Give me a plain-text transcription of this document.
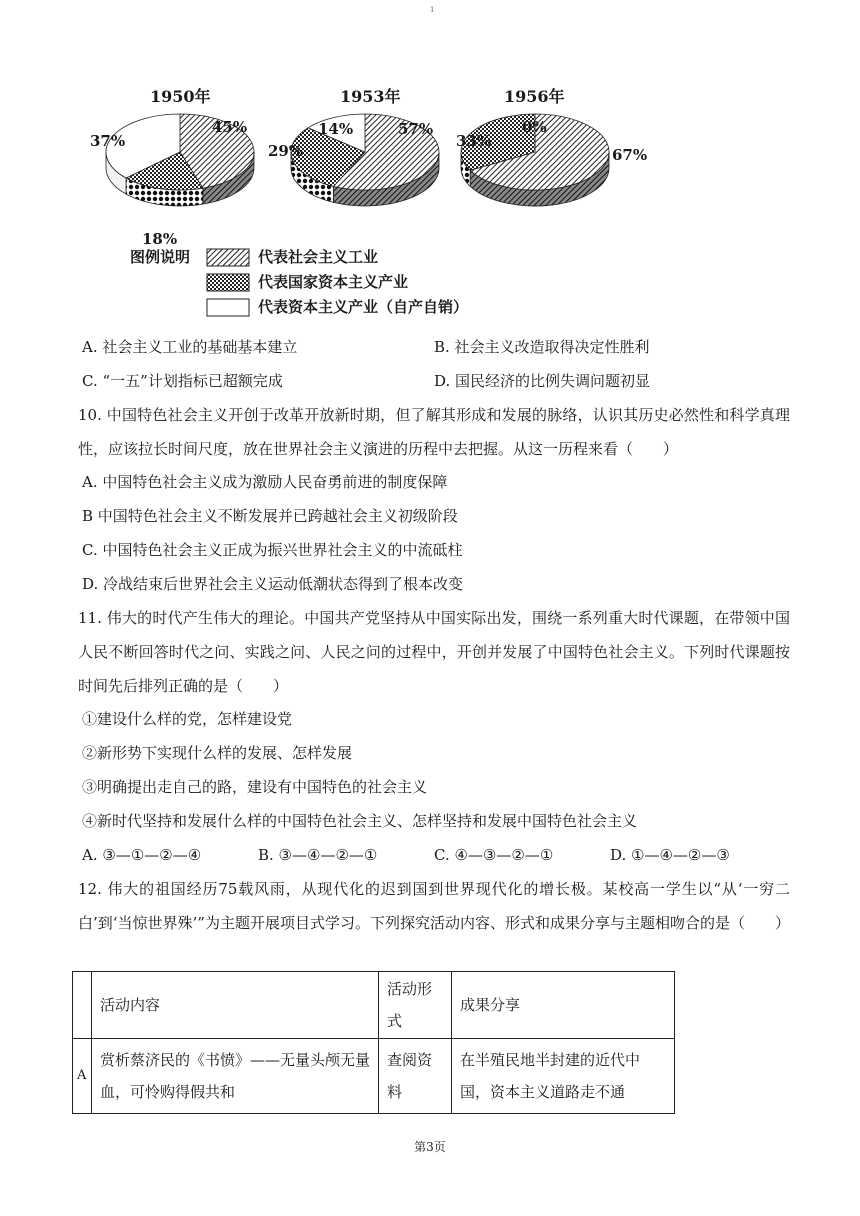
1
1950年	1953年	1956年
45%
18%
37%
57%
29%
14%
67%
33%
0%
图例说明	代表社会主义工业
代表国家资本主义产业
代表资本主义产业（自产自销）
A. 社会主义工业的基础基本建立	B. 社会主义改造取得决定性胜利
C. “一五”计划指标已超额完成	D. 国民经济的比例失调问题初显
10. 中国特色社会主义开创于改革开放新时期，但了解其形成和发展的脉络，认识其历史必然性和科学真理性，应该拉长时间尺度，放在世界社会主义演进的历程中去把握。从这一历程来看（　　）
A. 中国特色社会主义成为激励人民奋勇前进的制度保障
B 中国特色社会主义不断发展并已跨越社会主义初级阶段
C. 中国特色社会主义正成为振兴世界社会主义的中流砥柱
D. 冷战结束后世界社会主义运动低潮状态得到了根本改变
11. 伟大的时代产生伟大的理论。中国共产党坚持从中国实际出发，围绕一系列重大时代课题，在带领中国人民不断回答时代之问、实践之问、人民之问的过程中，开创并发展了中国特色社会主义。下列时代课题按时间先后排列正确的是（　　）
①建设什么样的党，怎样建设党
②新形势下实现什么样的发展、怎样发展
③明确提出走自己的路，建设有中国特色的社会主义
④新时代坚持和发展什么样的中国特色社会主义、怎样坚持和发展中国特色社会主义
A. ③—①—②—④	B. ③—④—②—①	C. ④—③—②—①	D. ①—④—②—③
12. 伟大的祖国经历75载风雨，从现代化的迟到国到世界现代化的增长极。某校高一学生以“从‘一穷二白’到‘当惊世界殊’”为主题开展项目式学习。下列探究活动内容、形式和成果分享与主题相吻合的是（　　）
	活动内容	活动形式	成果分享
A	赏析蔡济民的《书愤》——无量头颅无量血，可怜购得假共和	查阅资料	在半殖民地半封建的近代中国，资本主义道路走不通
第3页
